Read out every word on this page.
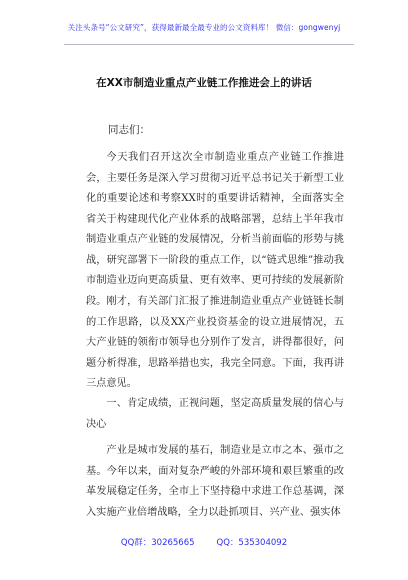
关注头条号“公文研究”，获得最新最全最专业的公文资料库！ 微信：gongwenyj
在XX市制造业重点产业链工作推进会上的讲话
同志们：
今天我们召开这次全市制造业重点产业链工作推进会，主要任务是深入学习贯彻习近平总书记关于新型工业化的重要论述和考察XX时的重要讲话精神，全面落实全省关于构建现代化产业体系的战略部署，总结上半年我市制造业重点产业链的发展情况，分析当前面临的形势与挑战，研究部署下一阶段的重点工作，以“链式思维”推动我市制造业迈向更高质量、更有效率、更可持续的发展新阶段。 刚才，有关部门汇报了推进制造业重点产业链链长制的工作思路，以及XX产业投资基金的设立进展情况，五大产业链的领衔市领导也分别作了发言，讲得都很好，问题分析得准，思路举措也实，我完全同意。下面，我再讲三点意见。
一、肯定成绩，正视问题，坚定高质量发展的信心与决心
产业是城市发展的基石，制造业是立市之本、强市之基。今年以来，面对复杂严峻的外部环境和艰巨繁重的改革发展稳定任务，全市上下坚持稳中求进工作总基调，深入实施产业倍增战略，全力以赴抓项目、兴产业、强实体
QQ群：30265665	QQ：535304092
